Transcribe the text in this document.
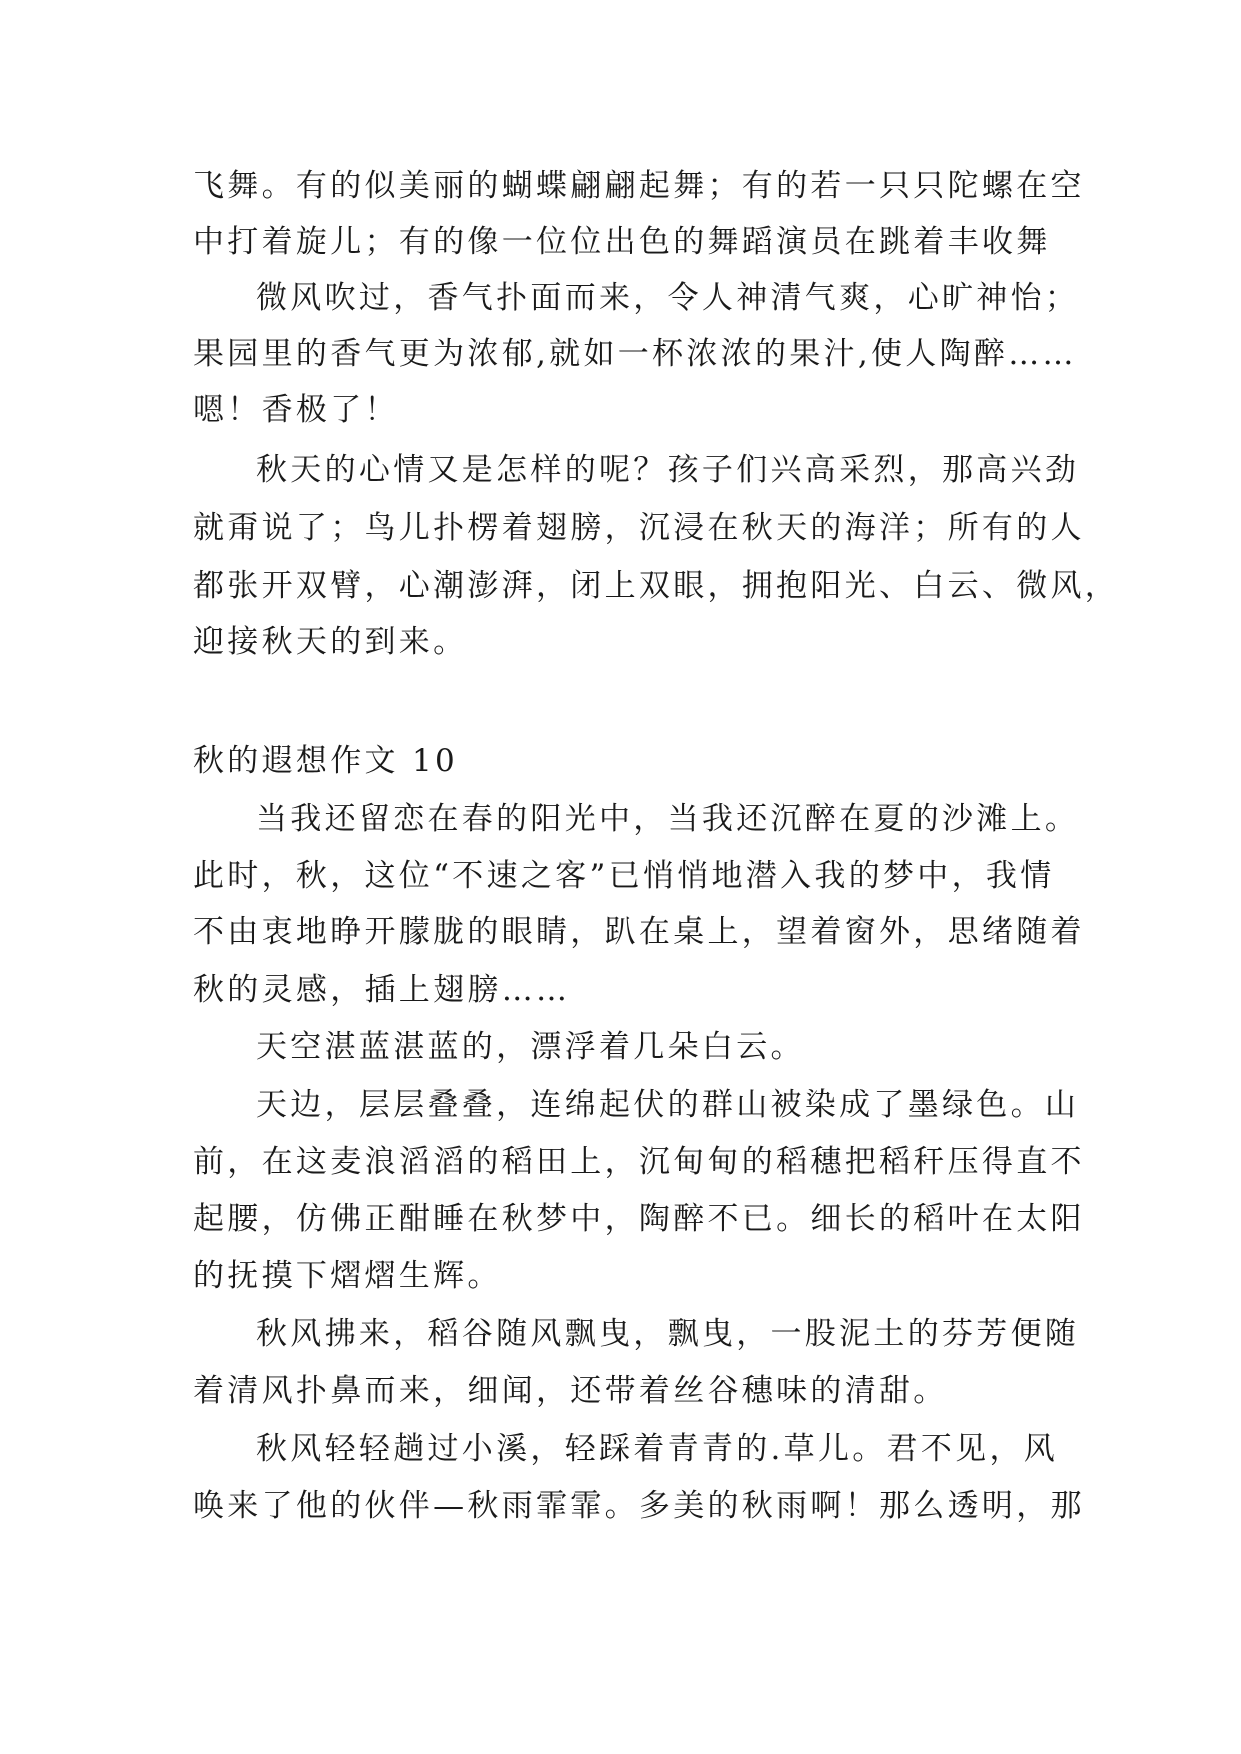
飞舞。有的似美丽的蝴蝶翩翩起舞；有的若一只只陀螺在空
中打着旋儿；有的像一位位出色的舞蹈演员在跳着丰收舞
微风吹过，香气扑面而来，令人神清气爽，心旷神怡；
果园里的香气更为浓郁,就如一杯浓浓的果汁,使人陶醉……
嗯！香极了！
秋天的心情又是怎样的呢？孩子们兴高采烈，那高兴劲
就甭说了；鸟儿扑楞着翅膀，沉浸在秋天的海洋；所有的人
都张开双臂，心潮澎湃，闭上双眼，拥抱阳光、白云、微风，
迎接秋天的到来。
秋的遐想作文 10
当我还留恋在春的阳光中，当我还沉醉在夏的沙滩上。
此时，秋，这位“不速之客”已悄悄地潜入我的梦中，我情
不由衷地睁开朦胧的眼睛，趴在桌上，望着窗外，思绪随着
秋的灵感，插上翅膀……
天空湛蓝湛蓝的，漂浮着几朵白云。
天边，层层叠叠，连绵起伏的群山被染成了墨绿色。山
前，在这麦浪滔滔的稻田上，沉甸甸的稻穗把稻秆压得直不
起腰，仿佛正酣睡在秋梦中，陶醉不已。细长的稻叶在太阳
的抚摸下熠熠生辉。
秋风拂来，稻谷随风飘曳，飘曳，一股泥土的芬芳便随
着清风扑鼻而来，细闻，还带着丝谷穗味的清甜。
秋风轻轻趟过小溪，轻踩着青青的.草儿。君不见，风
唤来了他的伙伴—秋雨霏霏。多美的秋雨啊！那么透明，那
